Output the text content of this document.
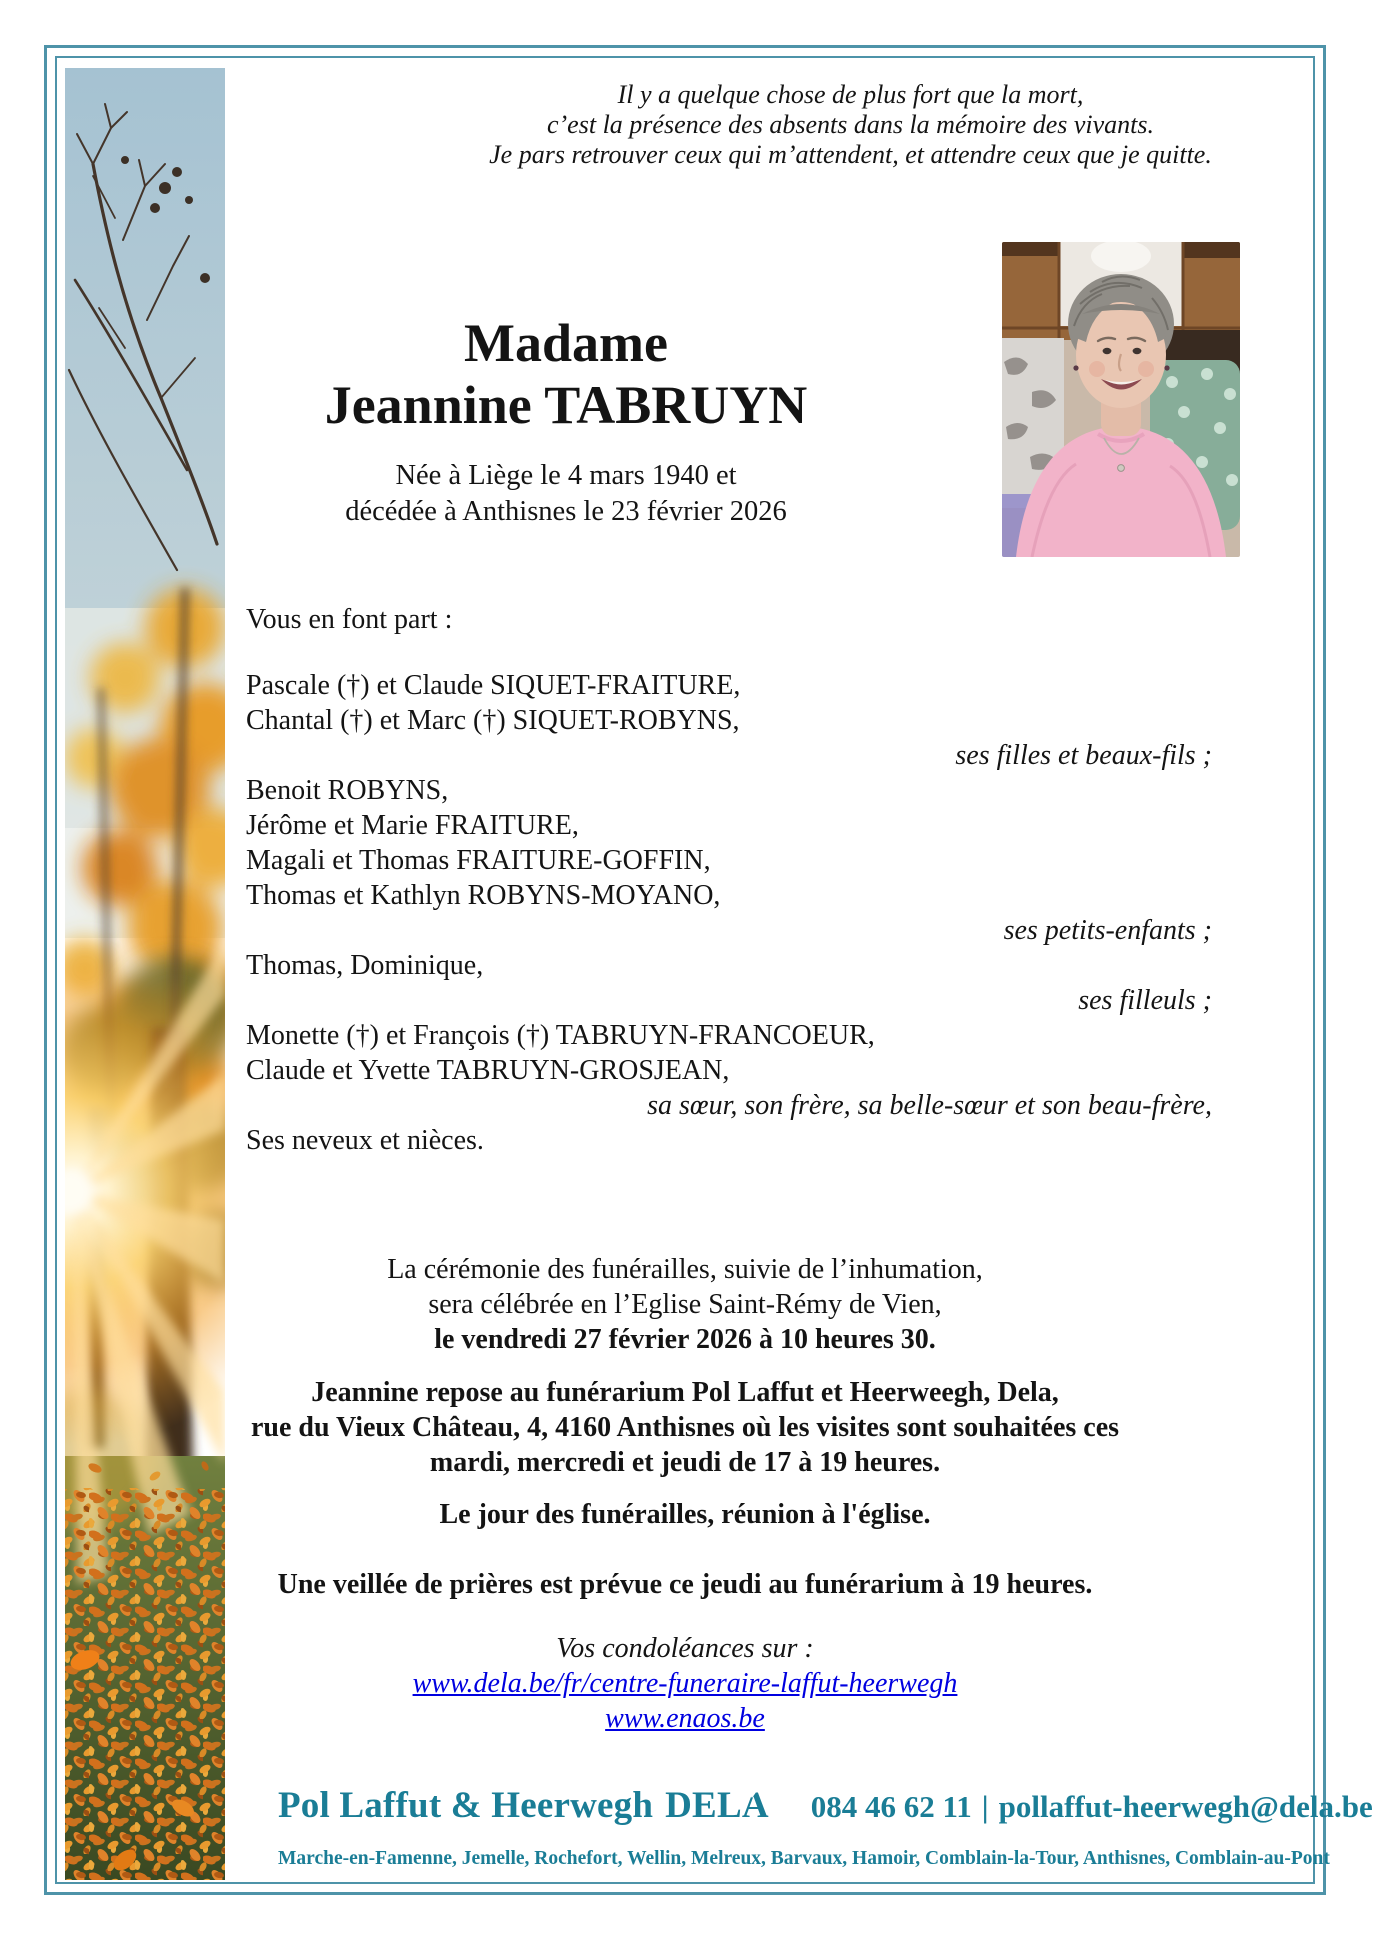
Il y a quelque chose de plus fort que la mort,
c’est la présence des absents dans la mémoire des vivants.
Je pars retrouver ceux qui m’attendent, et attendre ceux que je quitte.
Madame
Jeannine TABRUYN
Née à Liège le 4 mars 1940 et
décédée à Anthisnes le 23 février 2026
Vous en font part :
Pascale (†) et Claude SIQUET-FRAITURE,
Chantal (†) et Marc (†) SIQUET-ROBYNS,
ses filles et beaux-fils ;
Benoit ROBYNS,
Jérôme et Marie FRAITURE,
Magali et Thomas FRAITURE-GOFFIN,
Thomas et Kathlyn ROBYNS-MOYANO,
ses petits-enfants ;
Thomas, Dominique,
ses filleuls ;
Monette (†) et François (†) TABRUYN-FRANCOEUR,
Claude et Yvette TABRUYN-GROSJEAN,
sa sœur, son frère, sa belle-sœur et son beau-frère,
Ses neveux et nièces.
La cérémonie des funérailles, suivie de l’inhumation,
sera célébrée en l’Eglise Saint-Rémy de Vien,
le vendredi 27 février 2026 à 10 heures 30.
Jeannine repose au funérarium Pol Laffut et Heerweegh, Dela,
rue du Vieux Château, 4, 4160 Anthisnes où les visites sont souhaitées ces
mardi, mercredi et jeudi de 17 à 19 heures.
Le jour des funérailles, réunion à l'église.
Une veillée de prières est prévue ce jeudi au funérarium à 19 heures.
Vos condoléances sur :
www.dela.be/fr/centre-funeraire-laffut-heerwegh
www.enaos.be
Pol Laffut & Heerwegh DELA 084 46 62 11 | pollaffut-heerwegh@dela.be
Marche-en-Famenne, Jemelle, Rochefort, Wellin, Melreux, Barvaux, Hamoir, Comblain-la-Tour, Anthisnes, Comblain-au-Pont
